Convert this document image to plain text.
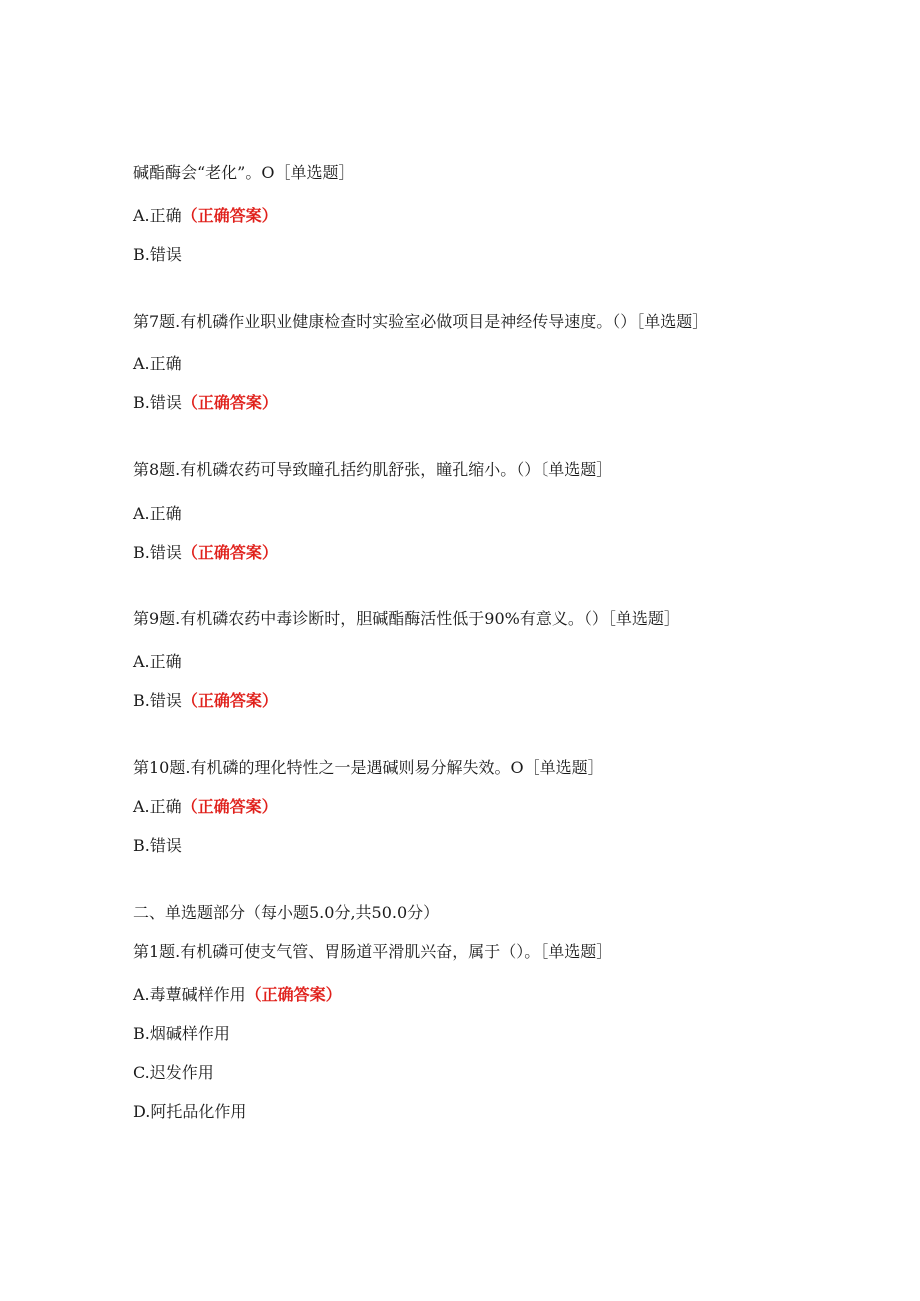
碱酯酶会“老化”。O［单选题］
A.正确（正确答案）
B.错误
第7题.有机磷作业职业健康检查时实验室必做项目是神经传导速度。（）［单选题］
A.正确
B.错误（正确答案）
第8题.有机磷农药可导致瞳孔括约肌舒张，瞳孔缩小。（）〔单选题］
A.正确
B.错误（正确答案）
第9题.有机磷农药中毒诊断时，胆碱酯酶活性低于90%有意义。（）［单选题］
A.正确
B.错误（正确答案）
第10题.有机磷的理化特性之一是遇碱则易分解失效。O［单选题］
A.正确（正确答案）
B.错误
二、单选题部分（每小题5.0分,共50.0分）
第1题.有机磷可使支气管、胃肠道平滑肌兴奋，属于（）。［单选题］
A.毒蕈碱样作用（正确答案）
B.烟碱样作用
C.迟发作用
D.阿托品化作用
